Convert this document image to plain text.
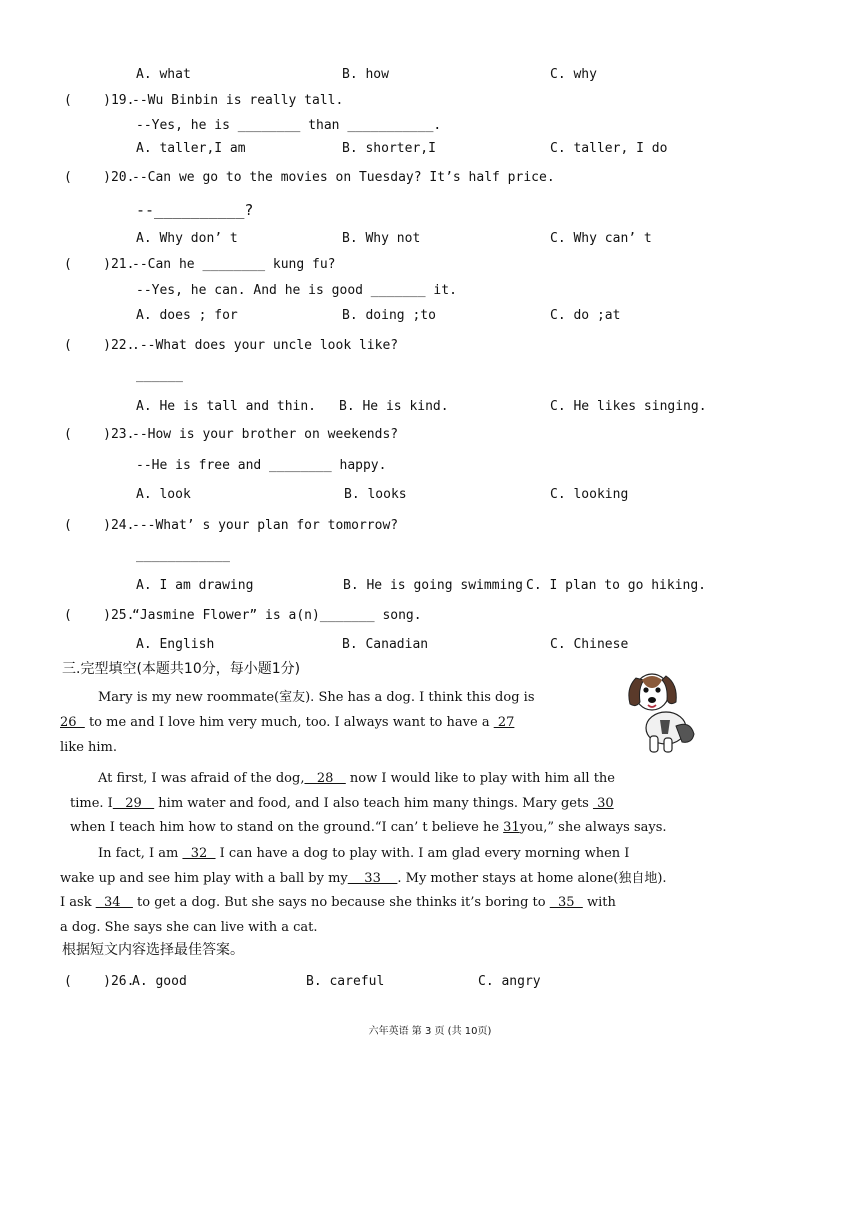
A. what	B. how	C. why
(    )19.
--Wu Binbin is really tall.
--Yes, he is ________ than ___________.
A. taller,I am	B. shorter,I	C. taller, I do
(    )20.
--Can we go to the movies on Tuesday? It’s half price.
--__________?
A. Why don’ t	B. Why not	C. Why can’ t
(    )21.
--Can he ________ kung fu?
--Yes, he can. And he is good _______ it.
A. does ; for	B. doing ;to	C. do ;at
(    )22.
.--What does your uncle look like?
______
A. He is tall and thin. B. He is kind.	C. He likes singing.
(    )23.
--How is your brother on weekends?
--He is free and ________ happy.
A. look	B. looks	C. looking
(    )24.
---What’ s your plan for tomorrow?
____________
A. I am drawing	B. He is going swimming C. I plan to go hiking.
(    )25.
“Jasmine Flower” is a(n)_______ song.
A. English	B. Canadian	C. Chinese
三.完型填空(本题共10分，每小题1分)
Mary is my new roommate(室友). She has a dog. I think this dog is
26   to me and I love him very much, too. I always want to have a  27
like him.
At first, I was afraid of the dog,   28    now I would like to play with him all the
time. I   29    him water and food, and I also teach him many things. Mary gets  30
when I teach him how to stand on the ground.“I can’ t believe he 31you,” she always says.
In fact, I am   32   I can have a dog to play with. I am glad every morning when I
wake up and see him play with a ball by my    33    . My mother stays at home alone(独自地).
I ask   34    to get a dog. But she says no because she thinks it’s boring to   35   with
a dog. She says she can live with a cat.
根据短文内容选择最佳答案。
(    )26.
A. good	B. careful	C. angry
六年英语 第 3 页 (共 10页)
